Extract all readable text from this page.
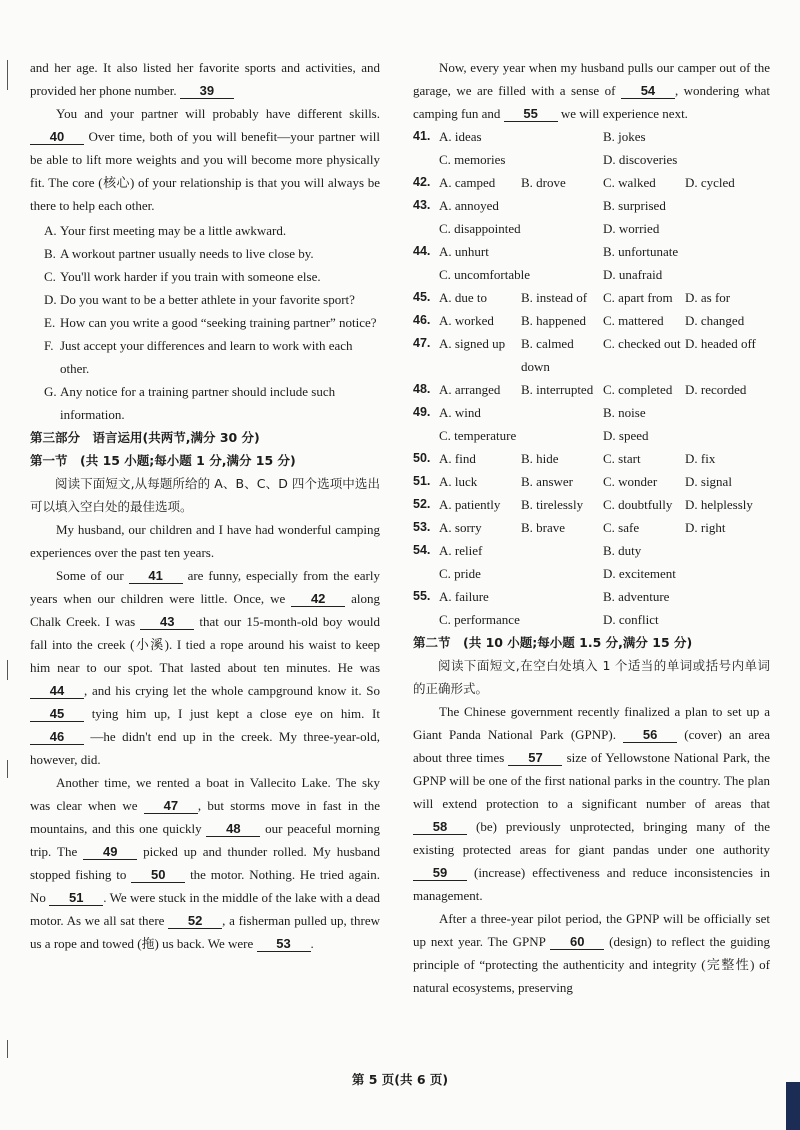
and her age. It also listed her favorite sports and activities, and provided her phone number. 39

You and your partner will probably have different skills. 40 Over time, both of you will benefit—your partner will be able to lift more weights and you will become more physically fit. The core (核心) of your relationship is that you will always be there to help each other.

A. Your first meeting may be a little awkward.

B. A workout partner usually needs to live close by.

C. You'll work harder if you train with someone else.

D. Do you want to be a better athlete in your favorite sport?

E. How can you write a good “seeking training partner” notice?

F. Just accept your differences and learn to work with each other.

G. Any notice for a training partner should include such information.

第三部分　语言运用(共两节,满分 30 分)

第一节　(共 15 小题;每小题 1 分,满分 15 分)

阅读下面短文,从每题所给的 A、B、C、D 四个选项中选出可以填入空白处的最佳选项。

My husband, our children and I have had wonderful camping experiences over the past ten years.

Some of our 41 are funny, especially from the early years when our children were little. Once, we 42 along Chalk Creek. I was 43 that our 15-month-old boy would fall into the creek (小溪). I tied a rope around his waist to keep him near to our spot. That lasted about ten minutes. He was 44 , and his crying let the whole campground know it. So 45 tying him up, I just kept a close eye on him. It 46 —he didn't end up in the creek. My three-year-old, however, did.

Another time, we rented a boat in Vallecito Lake. The sky was clear when we 47 , but storms move in fast in the mountains, and this one quickly 48 our peaceful morning trip. The 49 picked up and thunder rolled. My husband stopped fishing to 50 the motor. Nothing. He tried again. No 51 . We were stuck in the middle of the lake with a dead motor. As we all sat there 52 , a fisherman pulled up, threw us a rope and towed (拖) us back. We were 53 .

Now, every year when my husband pulls our camper out of the garage, we are filled with a sense of 54 , wondering what camping fun and 55 we will experience next.

41. A. ideas	B. jokes
C. memories	D. discoveries
42. A. camped	B. drove	C. walked	D. cycled
43. A. annoyed	B. surprised
C. disappointed	D. worried
44. A. unhurt	B. unfortunate
C. uncomfortable	D. unafraid
45. A. due to	B. instead of	C. apart from D. as for
46. A. worked	B. happened	C. mattered	D. changed
47. A. signed up	B. calmed down
C. checked out D. headed off
48. A. arranged	B. interrupted C. completed D. recorded
49. A. wind	B. noise
C. temperature	D. speed
50. A. find	B. hide	C. start	D. fix
51. A. luck	B. answer	C. wonder	D. signal
52. A. patiently	B. tirelessly	C. doubtfully D. helplessly
53. A. sorry	B. brave	C. safe	D. right
54. A. relief	B. duty
C. pride	D. excitement
55. A. failure	B. adventure
C. performance	D. conflict

第二节　(共 10 小题;每小题 1.5 分,满分 15 分)

阅读下面短文,在空白处填入 1 个适当的单词或括号内单词的正确形式。

The Chinese government recently finalized a plan to set up a Giant Panda National Park (GPNP). 56 (cover) an area about three times 57 size of Yellowstone National Park, the GPNP will be one of the first national parks in the country. The plan will extend protection to a significant number of areas that 58 (be) previously unprotected, bringing many of the existing protected areas for giant pandas under one authority 59 (increase) effectiveness and reduce inconsistencies in management.

After a three-year pilot period, the GPNP will be officially set up next year. The GPNP 60 (design) to reflect the guiding principle of “protecting the authenticity and integrity (完整性) of natural ecosystems, preserving

第 5 页(共 6 页)
